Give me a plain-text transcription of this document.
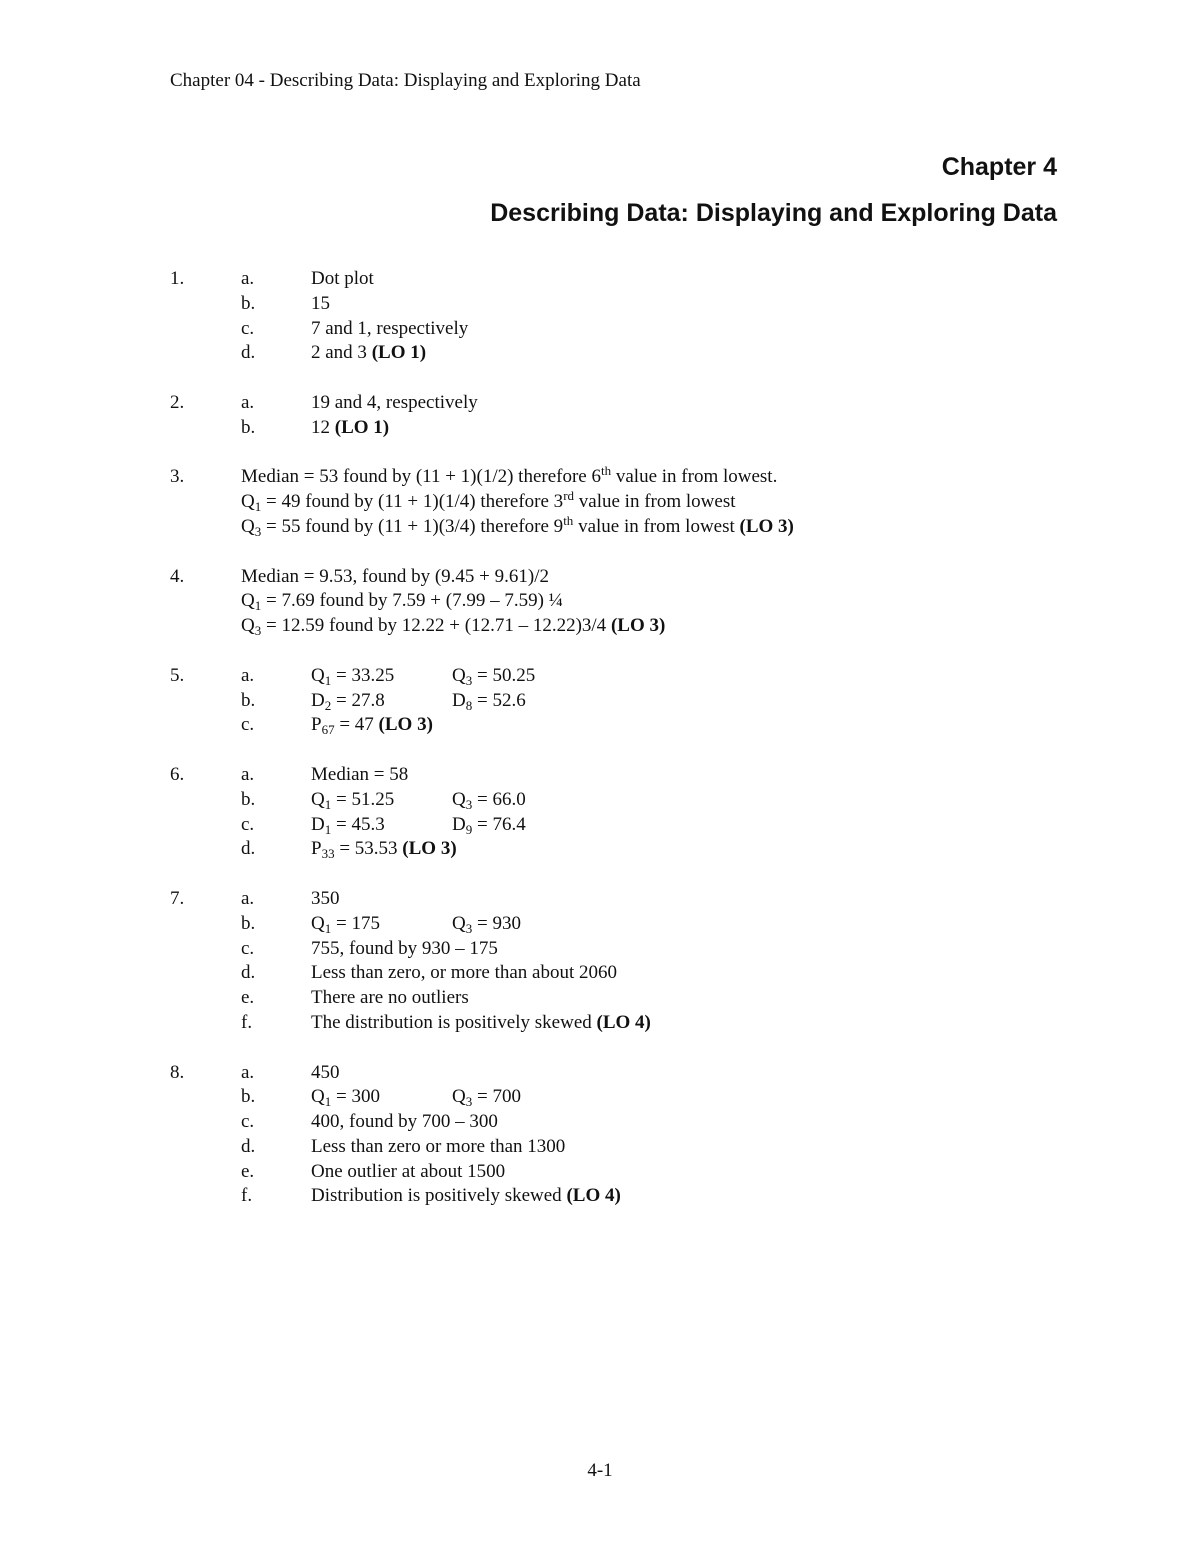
Chapter 04 - Describing Data: Displaying and Exploring Data
Chapter 4
Describing Data: Displaying and Exploring Data
1.	a.	Dot plot
b.	15
c.	7 and 1, respectively
d.	2 and 3 (LO 1)
2.	a.	19 and 4, respectively
b.	12 (LO 1)
3.	Median = 53 found by (11 + 1)(1/2) therefore 6th value in from lowest.
$Q_1 = 49$ found by (11 + 1)(1/4) therefore 3rd value in from lowest
$Q_3 = 55$ found by (11 + 1)(3/4) therefore 9th value in from lowest (LO 3)
4.	Median = 9.53, found by (9.45 + 9.61)/2
$Q_1 = 7.69$ found by 7.59 + (7.99 – 7.59) ¼
$Q_3 = 12.59$ found by 12.22 + (12.71 – 12.22)3/4 (LO 3)
5.	a.	$Q_1 = 33.25$	$Q_3 = 50.25$
b.	$D_2 = 27.8$	$D_8 = 52.6$
c.	$P_{67} = 47$ (LO 3)
6.	a.	Median = 58
b.	$Q_1 = 51.25$	$Q_3 = 66.0$
c.	$D_1 = 45.3$	$D_9 = 76.4$
d.	$P_{33} = 53.53$ (LO 3)
7.	a.	350
b.	$Q_1 = 175$	$Q_3 = 930$
c.	755, found by 930 – 175
d.	Less than zero, or more than about 2060
e.	There are no outliers
f.	The distribution is positively skewed (LO 4)
8.	a.	450
b.	$Q_1 = 300$	$Q_3 = 700$
c.	400, found by 700 – 300
d.	Less than zero or more than 1300
e.	One outlier at about 1500
f.	Distribution is positively skewed (LO 4)
4-1
